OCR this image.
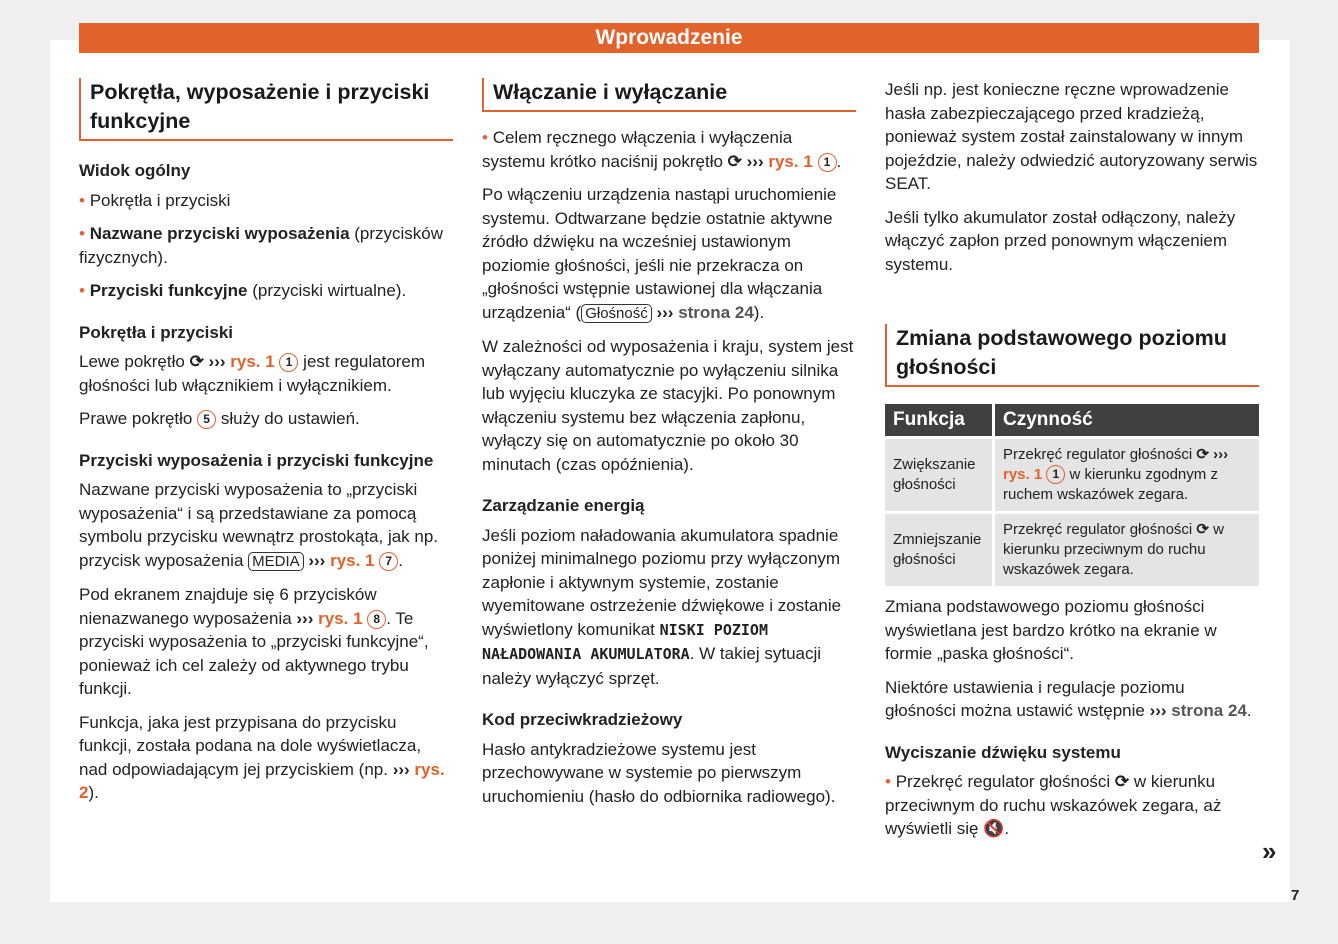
Wprowadzenie
Pokrętła, wyposażenie i przyciski funkcyjne
Widok ogólny

• Pokrętła i przyciski

• Nazwane przyciski wyposażenia (przycisków fizycznych).

• Przyciski funkcyjne (przyciski wirtualne).

Pokrętła i przyciski

Lewe pokrętło ⟳ ››› rys. 1 1 jest regulatorem głośności lub włącznikiem i wyłącznikiem.

Prawe pokrętło 5 służy do ustawień.

Przyciski wyposażenia i przyciski funkcyjne

Nazwane przyciski wyposażenia to „przyciski wyposażenia“ i są przedstawiane za pomocą symbolu przycisku wewnątrz prostokąta, jak np. przycisk wyposażenia MEDIA ››› rys. 1 7 .

Pod ekranem znajduje się 6 przycisków nienazwanego wyposażenia ››› rys. 1 8 . Te przyciski wyposażenia to „przyciski funkcyjne“, ponieważ ich cel zależy od aktywnego trybu funkcji.

Funkcja, jaka jest przypisana do przycisku funkcji, została podana na dole wyświetlacza, nad odpowiadającym jej przyciskiem (np. ››› rys. 2).

Włączanie i wyłączanie

• Celem ręcznego włączenia i wyłączenia systemu krótko naciśnij pokrętło ⟳ ››› rys. 1 1 .

Po włączeniu urządzenia nastąpi uruchomienie systemu. Odtwarzane będzie ostatnie aktywne źródło dźwięku na wcześniej ustawionym poziomie głośności, jeśli nie przekracza on „głośności wstępnie ustawionej dla włączania urządzenia“ ( Głośność ››› strona 24).

W zależności od wyposażenia i kraju, system jest wyłączany automatycznie po wyłączeniu silnika lub wyjęciu kluczyka ze stacyjki. Po ponownym włączeniu systemu bez włączenia zapłonu, wyłączy się on automatycznie po około 30 minutach (czas opóźnienia).

Zarządzanie energią

Jeśli poziom naładowania akumulatora spadnie poniżej minimalnego poziomu przy wyłączonym zapłonie i aktywnym systemie, zostanie wyemitowane ostrzeżenie dźwiękowe i zostanie wyświetlony komunikat NISKI POZIOM NAŁADOWANIA AKUMULATORA. W takiej sytuacji należy wyłączyć sprzęt.

Kod przeciwkradzieżowy

Hasło antykradzieżowe systemu jest przechowywane w systemie po pierwszym uruchomieniu (hasło do odbiornika radiowego).

Jeśli np. jest konieczne ręczne wprowadzenie hasła zabezpieczającego przed kradzieżą, ponieważ system został zainstalowany w innym pojeździe, należy odwiedzić autoryzowany serwis SEAT.

Jeśli tylko akumulator został odłączony, należy włączyć zapłon przed ponownym włączeniem systemu.

Zmiana podstawowego poziomu głośności
Funkcja	Czynność
Zwiększanie głośności	Przekręć regulator głośności ⟳ ››› rys. 1 1 w kierunku zgodnym z ruchem wskazówek zegara.
Zmniejszanie głośności	Przekręć regulator głośności ⟳ w kierunku przeciwnym do ruchu wskazówek zegara.

Zmiana podstawowego poziomu głośności wyświetlana jest bardzo krótko na ekranie w formie „paska głośności“.

Niektóre ustawienia i regulacje poziomu głośności można ustawić wstępnie ››› strona 24.

Wyciszanie dźwięku systemu

• Przekręć regulator głośności ⟳ w kierunku przeciwnym do ruchu wskazówek zegara, aż wyświetli się 🔇.

»
7
